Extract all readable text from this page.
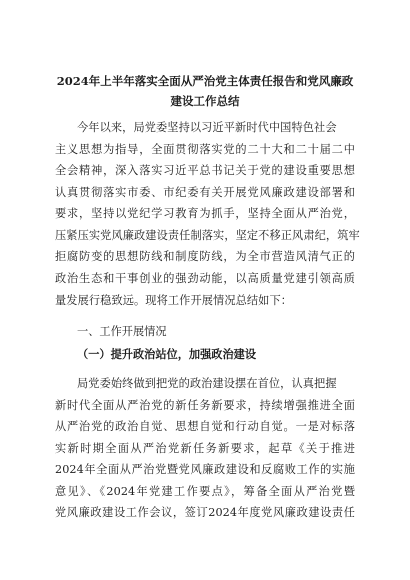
2024年上半年落实全面从严治党主体责任报告和党风廉政
建设工作总结
今年以来，局党委坚持以习近平新时代中国特色社会
主义思想为指导，全面贯彻落实党的二十大和二十届二中
全会精神，深入落实习近平总书记关于党的建设重要思想
认真贯彻落实市委、市纪委有关开展党风廉政建设部署和
要求，坚持以党纪学习教育为抓手，坚持全面从严治党，
压紧压实党风廉政建设责任制落实，坚定不移正风肃纪，筑牢
拒腐防变的思想防线和制度防线，为全市营造风清气正的
政治生态和干事创业的强劲动能，以高质量党建引领高质
量发展行稳致远。现将工作开展情况总结如下：
一、工作开展情况
（一）提升政治站位，加强政治建设
局党委始终做到把党的政治建设摆在首位，认真把握
新时代全面从严治党的新任务新要求，持续增强推进全面
从严治党的政治自觉、思想自觉和行动自觉。一是对标落
实新时期全面从严治党新任务新要求，起草《关于推进
2024年全面从严治党暨党风廉政建设和反腐败工作的实施
意见》、《2024年党建工作要点》，筹备全面从严治党暨
党风廉政建设工作会议，签订2024年度党风廉政建设责任
